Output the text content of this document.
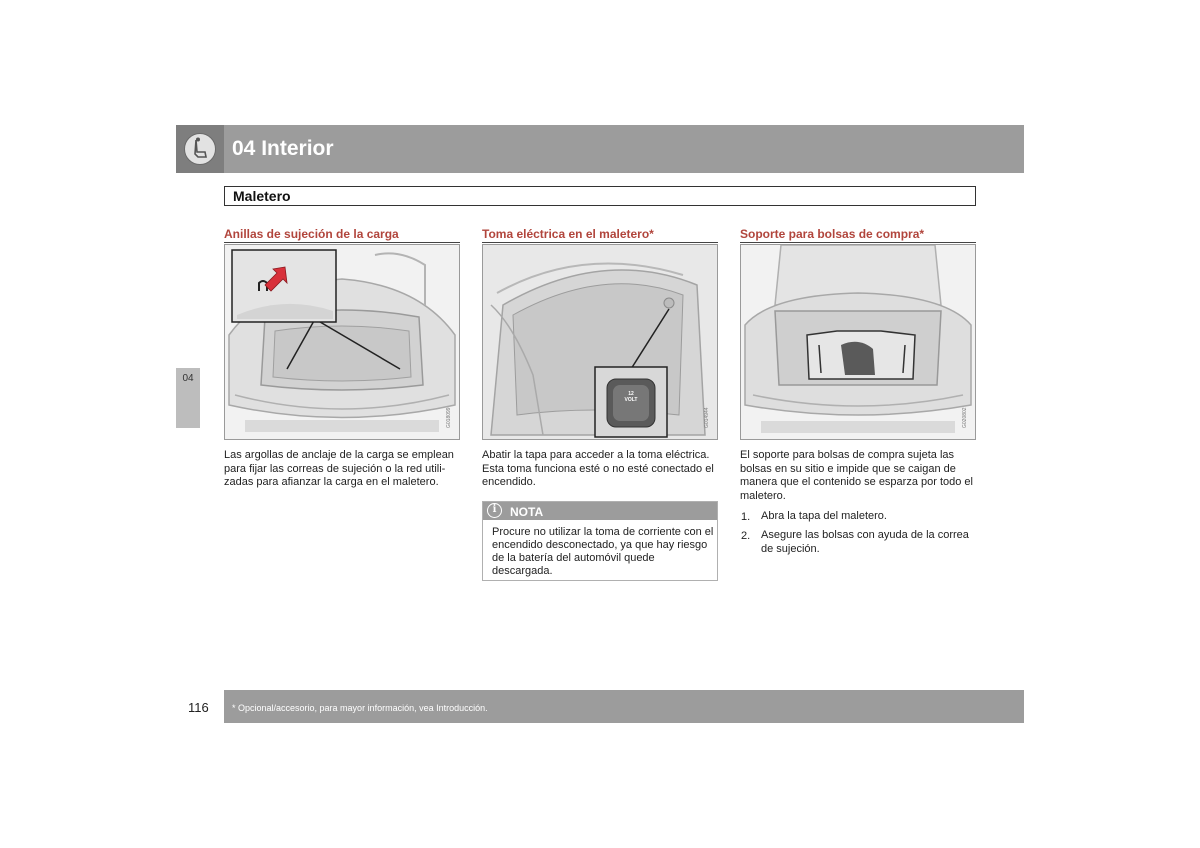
04 Interior
Maletero
04
Anillas de sujeción de la carga
G018099
Las argollas de anclaje de la carga se emplean para fijar las correas de sujeción o la red utili-zadas para afianzar la carga en el maletero.
Toma eléctrica en el maletero*
12
VOLT
G014944
Abatir la tapa para acceder a la toma eléctrica. Esta toma funciona esté o no esté conectado el encendido.
i	NOTA
Procure no utilizar la toma de corriente con el encendido desconectado, ya que hay riesgo de la batería del automóvil quede descargada.
Soporte para bolsas de compra*
G020802
El soporte para bolsas de compra sujeta las bolsas en su sitio e impide que se caigan de manera que el contenido se esparza por todo el maletero.
1. Abra la tapa del maletero.
2. Asegure las bolsas con ayuda de la correa de sujeción.
116	* Opcional/accesorio, para mayor información, vea Introducción.
